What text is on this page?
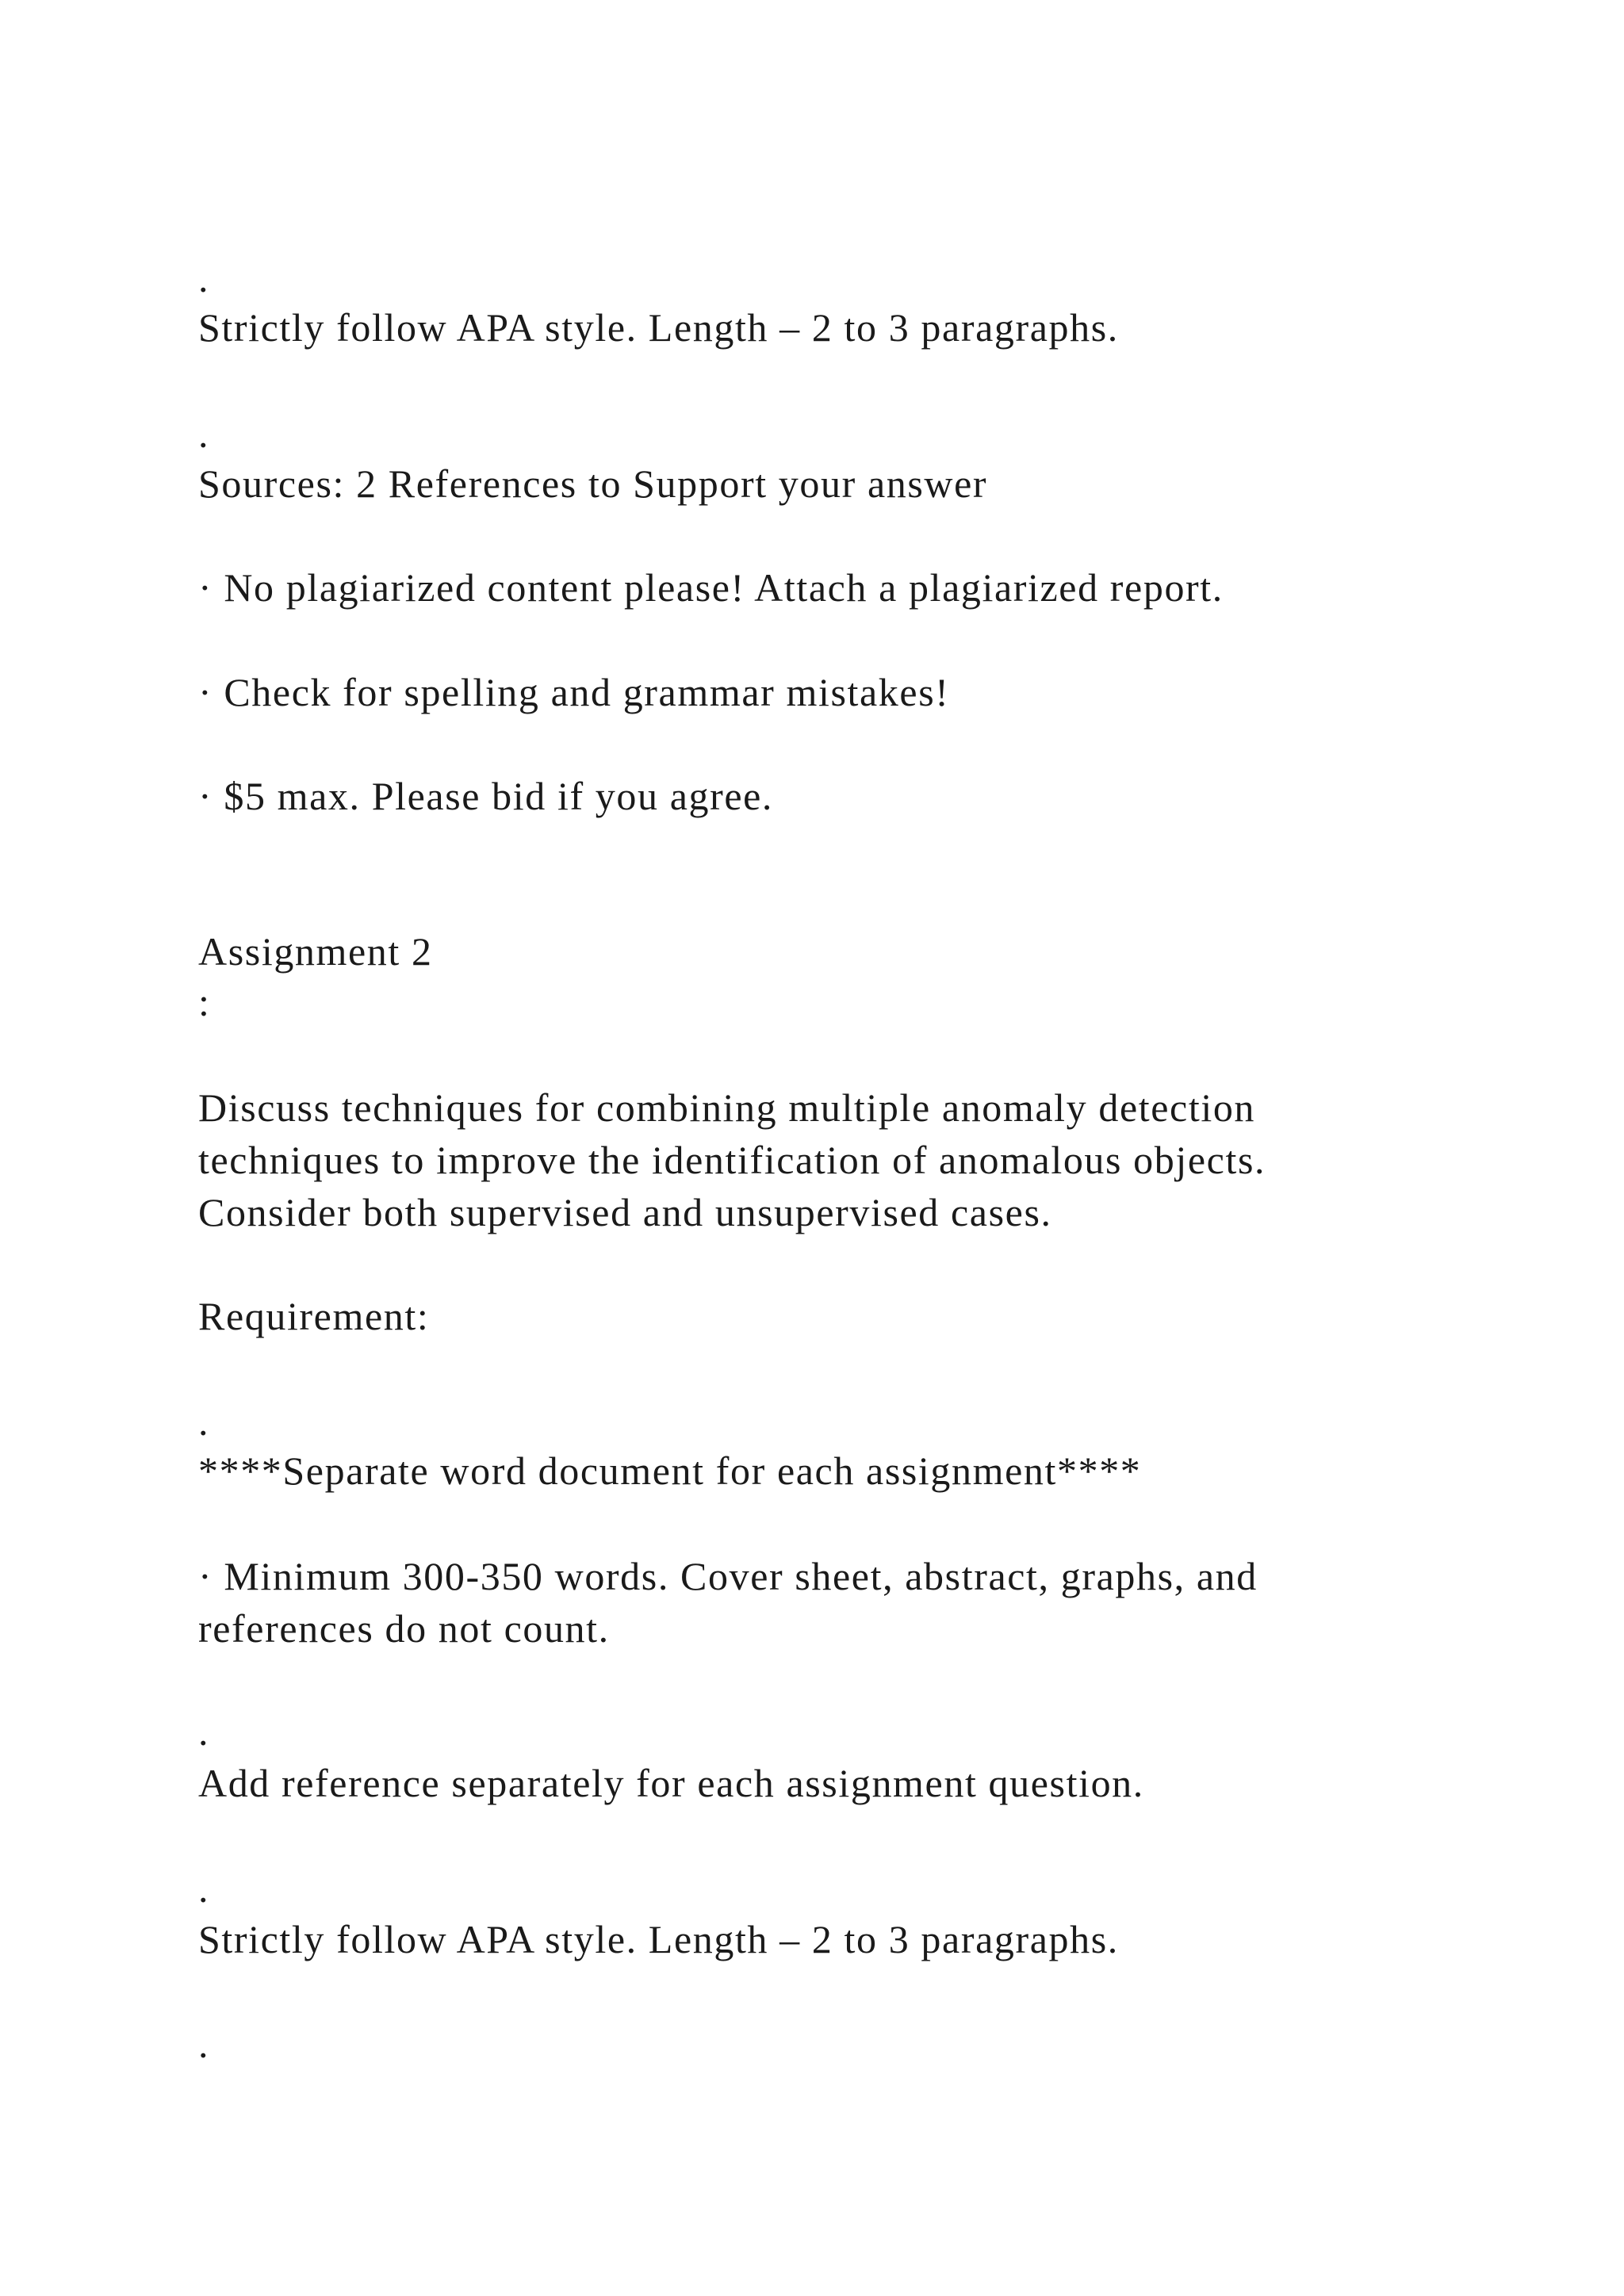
.

Strictly follow APA style. Length – 2 to 3 paragraphs.

.

Sources: 2 References to Support your answer

· No plagiarized content please! Attach a plagiarized report.

· Check for spelling and grammar mistakes!

· $5 max. Please bid if you agree.

Assignment 2

:

Discuss techniques for combining multiple anomaly detection

techniques to improve the identification of anomalous objects.

Consider both supervised and unsupervised cases.

Requirement:

.

****Separate word document for each assignment****

· Minimum 300-350 words. Cover sheet, abstract, graphs, and

references do not count.

.

Add reference separately for each assignment question.

.

Strictly follow APA style. Length – 2 to 3 paragraphs.

.
